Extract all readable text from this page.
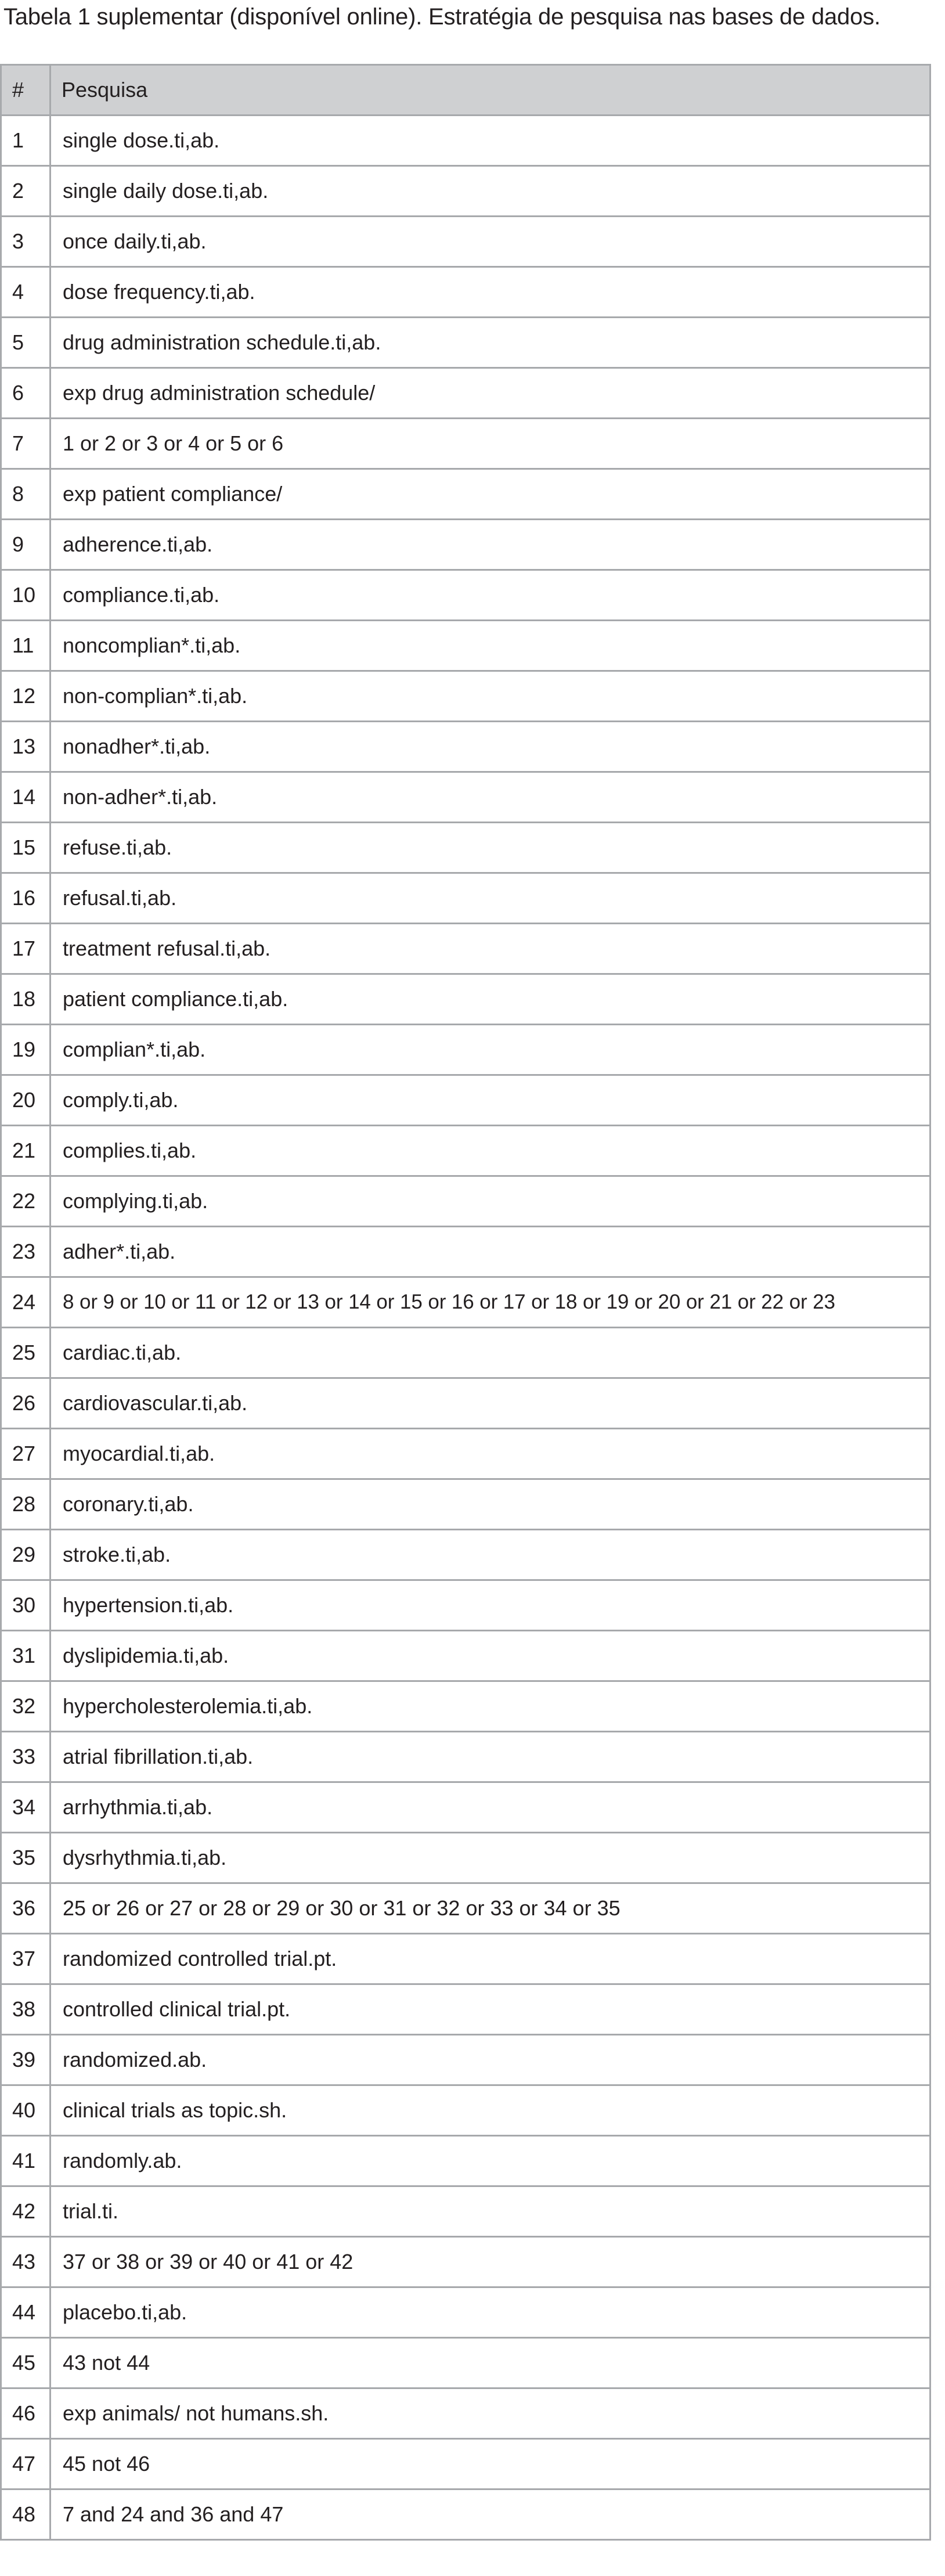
Tabela 1 suplementar (disponível online). Estratégia de pesquisa nas bases de dados.
#	Pesquisa
1	single dose.ti,ab.
2	single daily dose.ti,ab.
3	once daily.ti,ab.
4	dose frequency.ti,ab.
5	drug administration schedule.ti,ab.
6	exp drug administration schedule/
7	1 or 2 or 3 or 4 or 5 or 6
8	exp patient compliance/
9	adherence.ti,ab.
10	compliance.ti,ab.
11	noncomplian*.ti,ab.
12	non-complian*.ti,ab.
13	nonadher*.ti,ab.
14	non-adher*.ti,ab.
15	refuse.ti,ab.
16	refusal.ti,ab.
17	treatment refusal.ti,ab.
18	patient compliance.ti,ab.
19	complian*.ti,ab.
20	comply.ti,ab.
21	complies.ti,ab.
22	complying.ti,ab.
23	adher*.ti,ab.
24	8 or 9 or 10 or 11 or 12 or 13 or 14 or 15 or 16 or 17 or 18 or 19 or 20 or 21 or 22 or 23
25	cardiac.ti,ab.
26	cardiovascular.ti,ab.
27	myocardial.ti,ab.
28	coronary.ti,ab.
29	stroke.ti,ab.
30	hypertension.ti,ab.
31	dyslipidemia.ti,ab.
32	hypercholesterolemia.ti,ab.
33	atrial fibrillation.ti,ab.
34	arrhythmia.ti,ab.
35	dysrhythmia.ti,ab.
36	25 or 26 or 27 or 28 or 29 or 30 or 31 or 32 or 33 or 34 or 35
37	randomized controlled trial.pt.
38	controlled clinical trial.pt.
39	randomized.ab.
40	clinical trials as topic.sh.
41	randomly.ab.
42	trial.ti.
43	37 or 38 or 39 or 40 or 41 or 42
44	placebo.ti,ab.
45	43 not 44
46	exp animals/ not humans.sh.
47	45 not 46
48	7 and 24 and 36 and 47
